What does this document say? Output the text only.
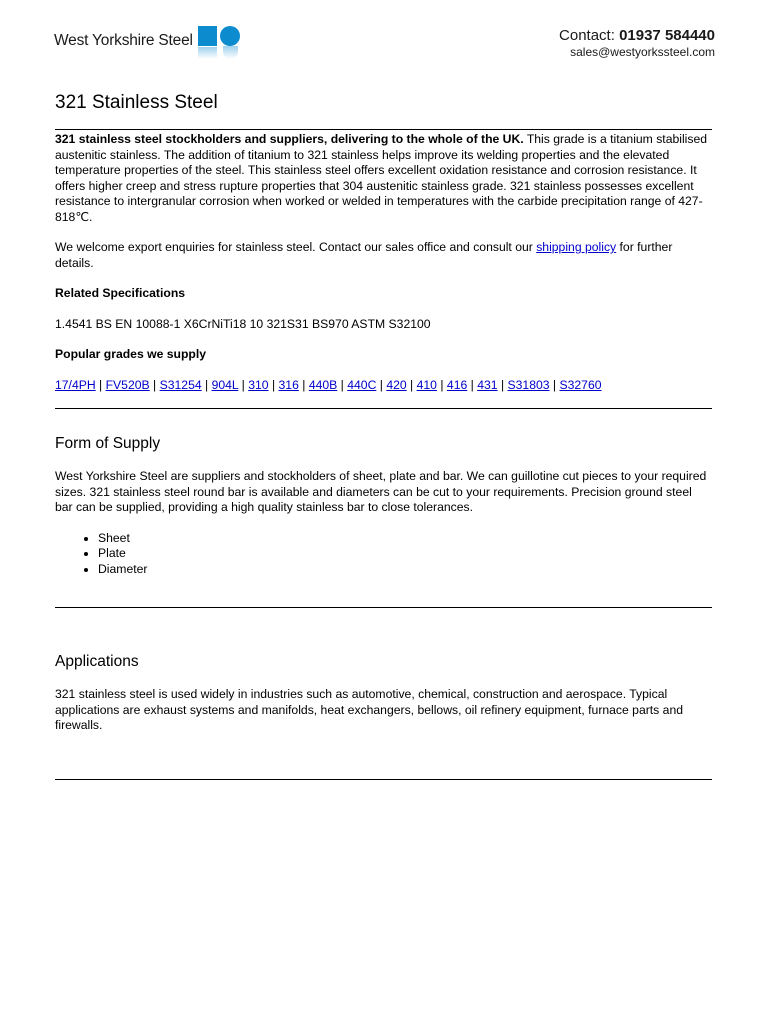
West Yorkshire Steel	Contact: 01937 584440
sales@westyorkssteel.com
321 Stainless Steel

321 stainless steel stockholders and suppliers, delivering to the whole of the UK. This grade is a titanium stabilised austenitic stainless. The addition of titanium to 321 stainless helps improve its welding properties and the elevated temperature properties of the steel. This stainless steel offers excellent oxidation resistance and corrosion resistance. It offers higher creep and stress rupture properties that 304 austenitic stainless grade. 321 stainless possesses excellent resistance to intergranular corrosion when worked or welded in temperatures with the carbide precipitation range of 427-818℃.

We welcome export enquiries for stainless steel. Contact our sales office and consult our shipping policy for further details.

Related Specifications

1.4541 BS EN 10088-1 X6CrNiTi18 10 321S31 BS970 ASTM S32100

Popular grades we supply

17/4PH | FV520B | S31254 | 904L | 310 | 316 | 440B | 440C | 420 | 410 | 416 | 431 | S31803 | S32760

Form of Supply

West Yorkshire Steel are suppliers and stockholders of sheet, plate and bar. We can guillotine cut pieces to your required sizes. 321 stainless steel round bar is available and diameters can be cut to your requirements. Precision ground steel bar can be supplied, providing a high quality stainless bar to close tolerances.

• Sheet
• Plate
• Diameter
Applications

321 stainless steel is used widely in industries such as automotive, chemical, construction and aerospace. Typical applications are exhaust systems and manifolds, heat exchangers, bellows, oil refinery equipment, furnace parts and firewalls.
